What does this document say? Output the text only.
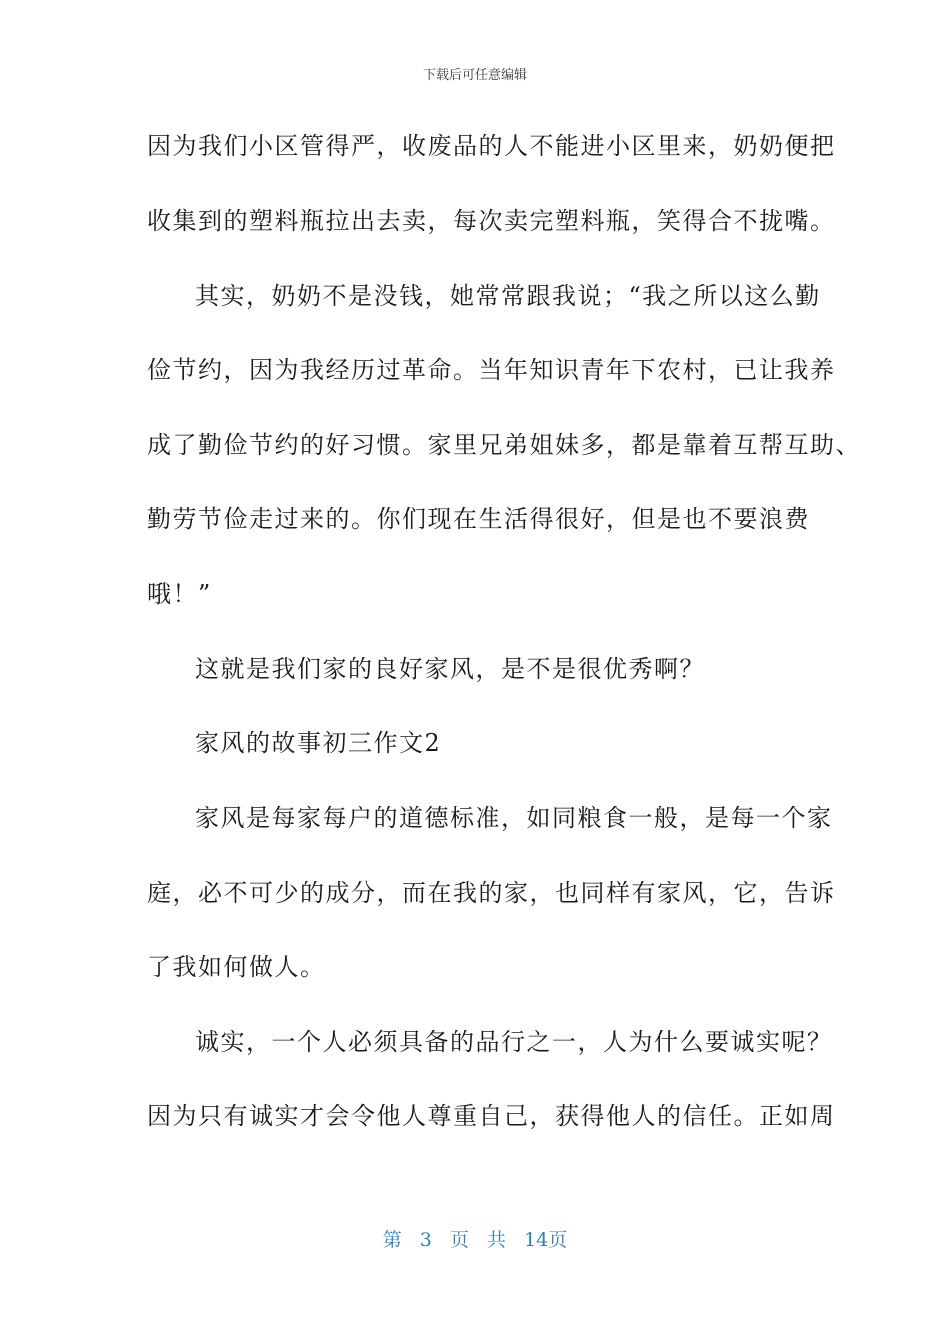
下载后可任意编辑
因为我们小区管得严，收废品的人不能进小区里来，奶奶便把
收集到的塑料瓶拉出去卖，每次卖完塑料瓶，笑得合不拢嘴。
其实，奶奶不是没钱，她常常跟我说；“我之所以这么勤
俭节约，因为我经历过革命。当年知识青年下农村，已让我养
成了勤俭节约的好习惯。家里兄弟姐妹多，都是靠着互帮互助、
勤劳节俭走过来的。你们现在生活得很好，但是也不要浪费
哦！”
这就是我们家的良好家风，是不是很优秀啊？
家风的故事初三作文2
家风是每家每户的道德标准，如同粮食一般，是每一个家
庭，必不可少的成分，而在我的家，也同样有家风，它，告诉
了我如何做人。
诚实，一个人必须具备的品行之一，人为什么要诚实呢？
因为只有诚实才会令他人尊重自己，获得他人的信任。正如周
第 3 页 共 14页
